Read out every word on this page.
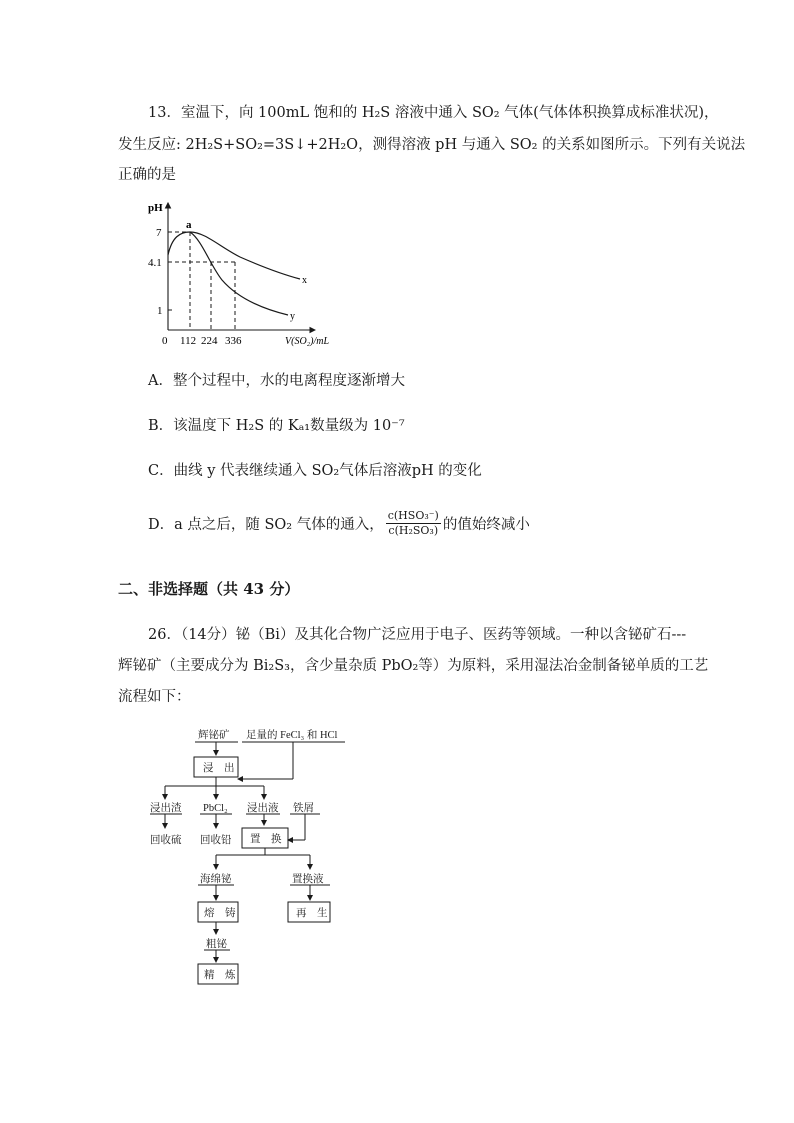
13．室温下，向 100mL 饱和的 H₂S 溶液中通入 SO₂ 气体(气体体积换算成标准状况)，
发生反应: 2H₂S+SO₂=3S↓+2H₂O，测得溶液 pH 与通入 SO₂ 的关系如图所示。下列有关说法
正确的是
pH
7
4.1
1
0 112 224 336	V(SO₂)/mL
a
x
y
A．整个过程中，水的电离程度逐渐增大
B．该温度下 H₂S 的 Kₐ₁数量级为 10⁻⁷
C．曲线 y 代表继续通入 SO₂气体后溶液pH 的变化
D．a 点之后，随 SO₂ 气体的通入， $\frac{\text{c(HSO₃⁻)}}{\text{c(H₂SO₃)}}$ 的值始终减小
二、非选择题（共 43 分）
26．（14分）铋（Bi）及其化合物广泛应用于电子、医药等领域。一种以含铋矿石---
辉铋矿（主要成分为 Bi₂S₃，含少量杂质 PbO₂等）为原料，采用湿法冶金制备铋单质的工艺
流程如下：
辉铋矿 足量的 FeCl₃ 和 HCl
浸　出
浸出渣 PbCl₂ 浸出液 铁屑
回收硫 回收铅 置　换
海绵铋	置换液
熔　铸	再　生
粗铋
精　炼
